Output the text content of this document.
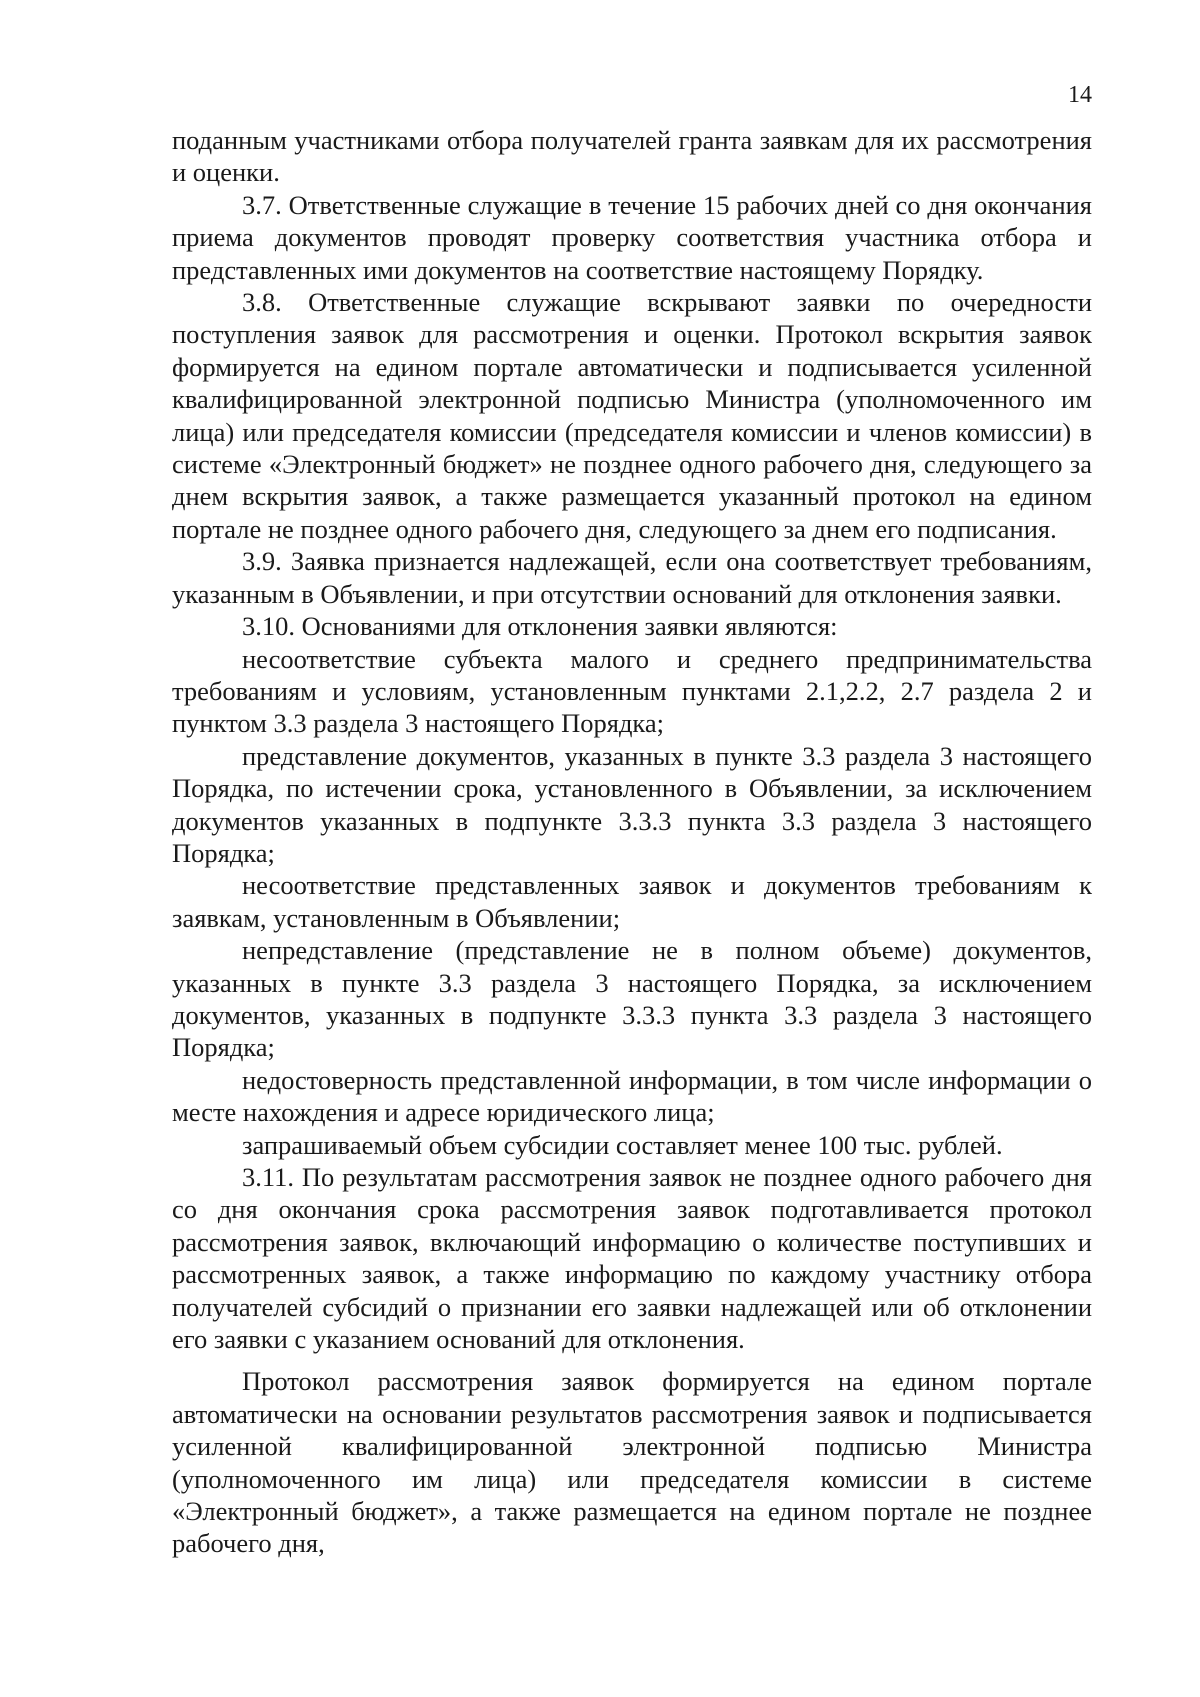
14

поданным участниками отбора получателей гранта заявкам для их рассмотрения и оценки.

3.7. Ответственные служащие в течение 15 рабочих дней со дня окончания приема документов проводят проверку соответствия участника отбора и представленных ими документов на соответствие настоящему Порядку.

3.8. Ответственные служащие вскрывают заявки по очередности поступления заявок для рассмотрения и оценки. Протокол вскрытия заявок формируется на едином портале автоматически и подписывается усиленной квалифицированной электронной подписью Министра (уполномоченного им лица) или председателя комиссии (председателя комиссии и членов комиссии) в системе «Электронный бюджет» не позднее одного рабочего дня, следующего за днем вскрытия заявок, а также размещается указанный протокол на едином портале не позднее одного рабочего дня, следующего за днем его подписания.

3.9. Заявка признается надлежащей, если она соответствует требованиям, указанным в Объявлении, и при отсутствии оснований для отклонения заявки.

3.10. Основаниями для отклонения заявки являются:

несоответствие субъекта малого и среднего предпринимательства требованиям и условиям, установленным пунктами 2.1,2.2, 2.7 раздела 2 и пунктом 3.3 раздела 3 настоящего Порядка;

представление документов, указанных в пункте 3.3 раздела 3 настоящего Порядка, по истечении срока, установленного в Объявлении, за исключением документов указанных в подпункте 3.3.3 пункта 3.3 раздела 3 настоящего Порядка;

несоответствие представленных заявок и документов требованиям к заявкам, установленным в Объявлении;

непредставление (представление не в полном объеме) документов, указанных в пункте 3.3 раздела 3 настоящего Порядка, за исключением документов, указанных в подпункте 3.3.3 пункта 3.3 раздела 3 настоящего Порядка;

недостоверность представленной информации, в том числе информации о месте нахождения и адресе юридического лица;

запрашиваемый объем субсидии составляет менее 100 тыс. рублей.

3.11. По результатам рассмотрения заявок не позднее одного рабочего дня со дня окончания срока рассмотрения заявок подготавливается протокол рассмотрения заявок, включающий информацию о количестве поступивших и рассмотренных заявок, а также информацию по каждому участнику отбора получателей субсидий о признании его заявки надлежащей или об отклонении его заявки с указанием оснований для отклонения.

Протокол рассмотрения заявок формируется на едином портале автоматически на основании результатов рассмотрения заявок и подписывается усиленной квалифицированной электронной подписью Министра (уполномоченного им лица) или председателя комиссии в системе «Электронный бюджет», а также размещается на едином портале не позднее рабочего дня,
